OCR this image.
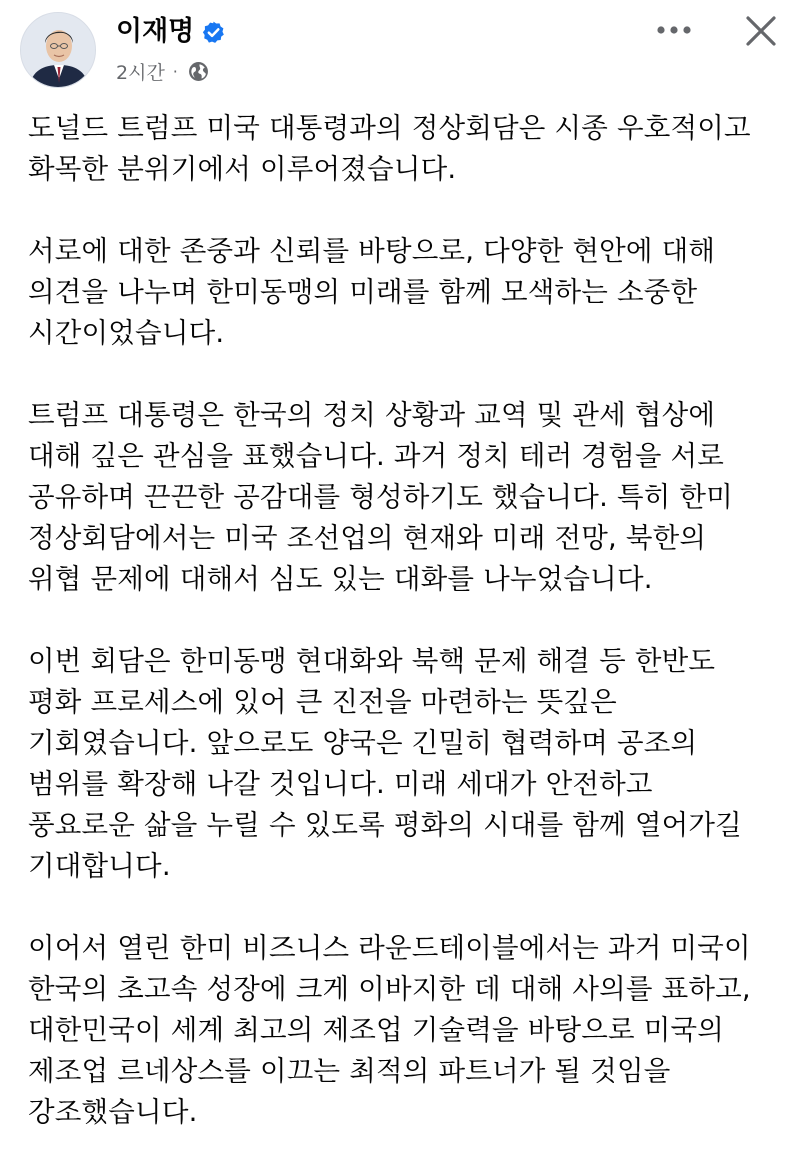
이재명
2시간 ·

도널드 트럼프 미국 대통령과의 정상회담은 시종 우호적이고
화목한 분위기에서 이루어졌습니다.

서로에 대한 존중과 신뢰를 바탕으로, 다양한 현안에 대해
의견을 나누며 한미동맹의 미래를 함께 모색하는 소중한
시간이었습니다.

트럼프 대통령은 한국의 정치 상황과 교역 및 관세 협상에
대해 깊은 관심을 표했습니다. 과거 정치 테러 경험을 서로
공유하며 끈끈한 공감대를 형성하기도 했습니다. 특히 한미
정상회담에서는 미국 조선업의 현재와 미래 전망, 북한의
위협 문제에 대해서 심도 있는 대화를 나누었습니다.

이번 회담은 한미동맹 현대화와 북핵 문제 해결 등 한반도
평화 프로세스에 있어 큰 진전을 마련하는 뜻깊은
기회였습니다. 앞으로도 양국은 긴밀히 협력하며 공조의
범위를 확장해 나갈 것입니다. 미래 세대가 안전하고
풍요로운 삶을 누릴 수 있도록 평화의 시대를 함께 열어가길
기대합니다.

이어서 열린 한미 비즈니스 라운드테이블에서는 과거 미국이
한국의 초고속 성장에 크게 이바지한 데 대해 사의를 표하고,
대한민국이 세계 최고의 제조업 기술력을 바탕으로 미국의
제조업 르네상스를 이끄는 최적의 파트너가 될 것임을
강조했습니다.
